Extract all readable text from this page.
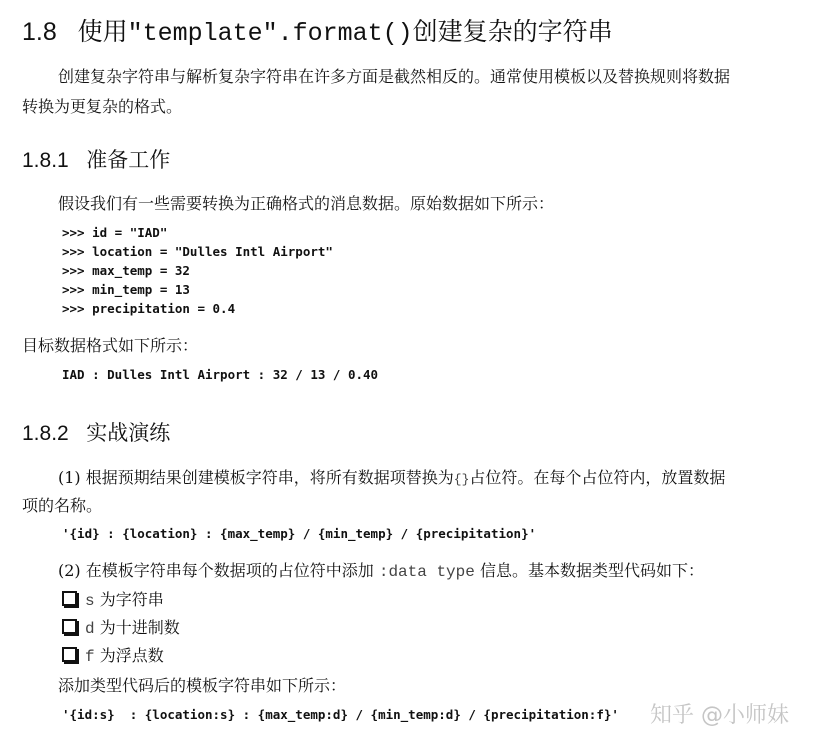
1.8 使用"template".format()创建复杂的字符串
创建复杂字符串与解析复杂字符串在许多方面是截然相反的。通常使用模板以及替换规则将数据
转换为更复杂的格式。
1.8.1 准备工作
假设我们有一些需要转换为正确格式的消息数据。原始数据如下所示：
>>> id = "IAD"
>>> location = "Dulles Intl Airport"
>>> max_temp = 32
>>> min_temp = 13
>>> precipitation = 0.4
目标数据格式如下所示：
IAD : Dulles Intl Airport : 32 / 13 / 0.40
1.8.2 实战演练
(1) 根据预期结果创建模板字符串，将所有数据项替换为{}占位符。在每个占位符内，放置数据
项的名称。
'{id} : {location} : {max_temp} / {min_temp} / {precipitation}'
(2) 在模板字符串每个数据项的占位符中添加 :data type 信息。基本数据类型代码如下：
s 为字符串
d 为十进制数
f 为浮点数
添加类型代码后的模板字符串如下所示：
'{id:s}  : {location:s} : {max_temp:d} / {min_temp:d} / {precipitation:f}' 知乎 @小师妹
